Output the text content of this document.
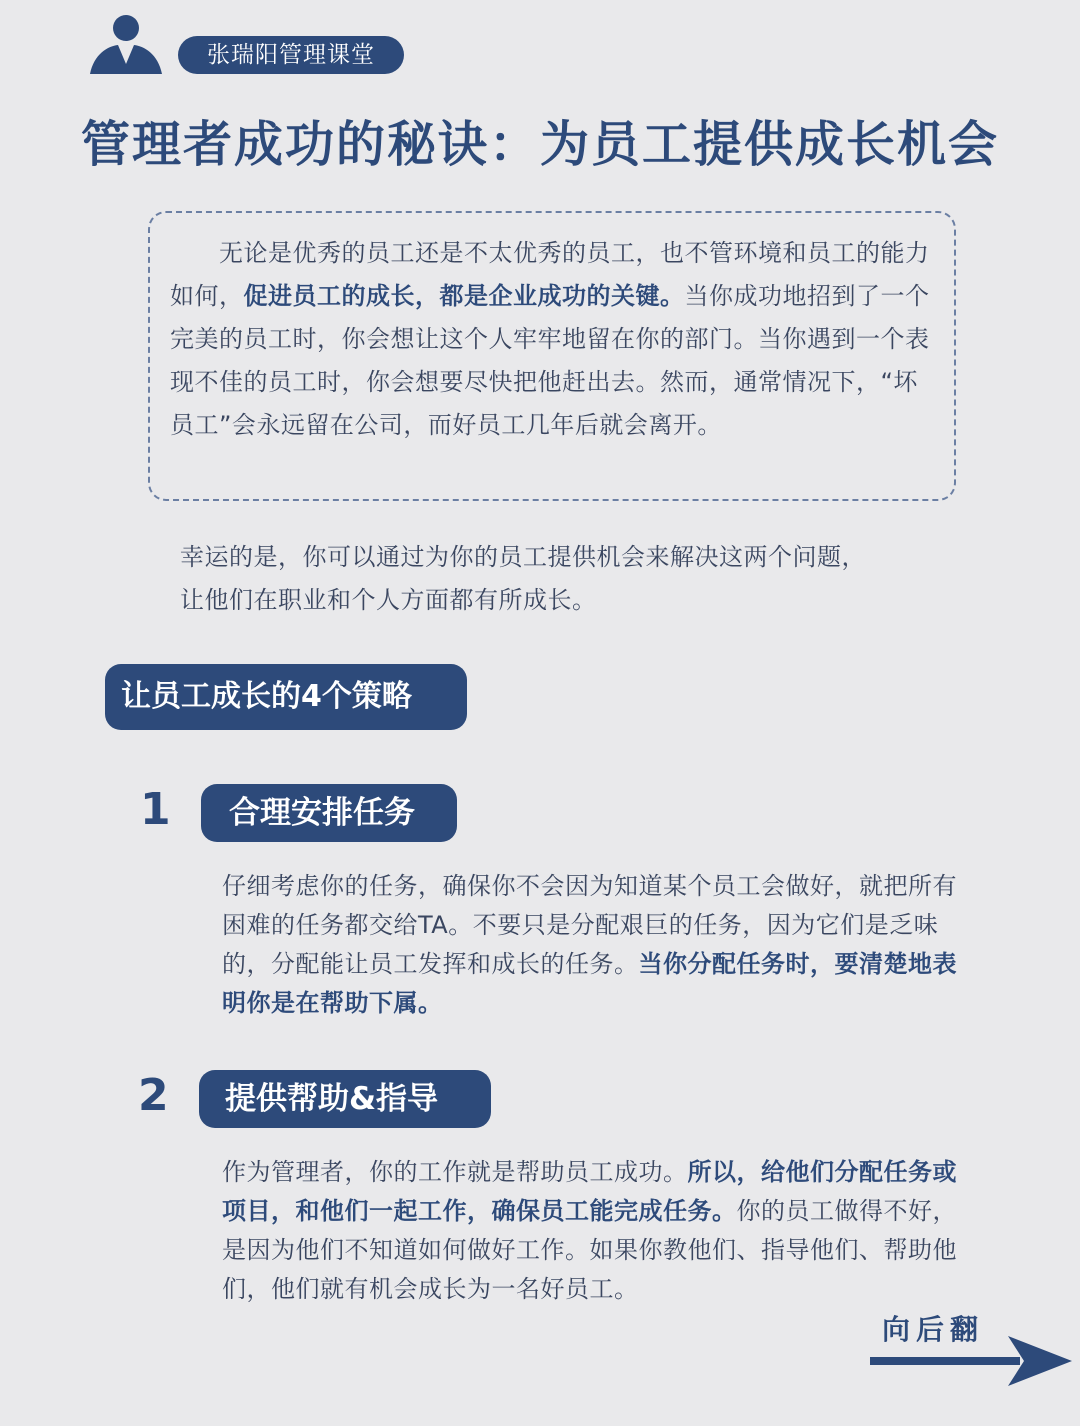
张瑞阳管理课堂
管理者成功的秘诀：为员工提供成长机会
　　无论是优秀的员工还是不太优秀的员工，也不管环境和员工的能力如何，促进员工的成长，都是企业成功的关键。当你成功地招到了一个完美的员工时，你会想让这个人牢牢地留在你的部门。当你遇到一个表现不佳的员工时，你会想要尽快把他赶出去。然而，通常情况下，“坏员工”会永远留在公司，而好员工几年后就会离开。
幸运的是，你可以通过为你的员工提供机会来解决这两个问题，
让他们在职业和个人方面都有所成长。
让员工成长的4个策略
1	合理安排任务
仔细考虑你的任务，确保你不会因为知道某个员工会做好，就把所有困难的任务都交给TA。不要只是分配艰巨的任务，因为它们是乏味的，分配能让员工发挥和成长的任务。当你分配任务时，要清楚地表明你是在帮助下属。
2	提供帮助&指导
作为管理者，你的工作就是帮助员工成功。所以，给他们分配任务或项目，和他们一起工作，确保员工能完成任务。你的员工做得不好，是因为他们不知道如何做好工作。如果你教他们、指导他们、帮助他们，他们就有机会成长为一名好员工。
向后翻
